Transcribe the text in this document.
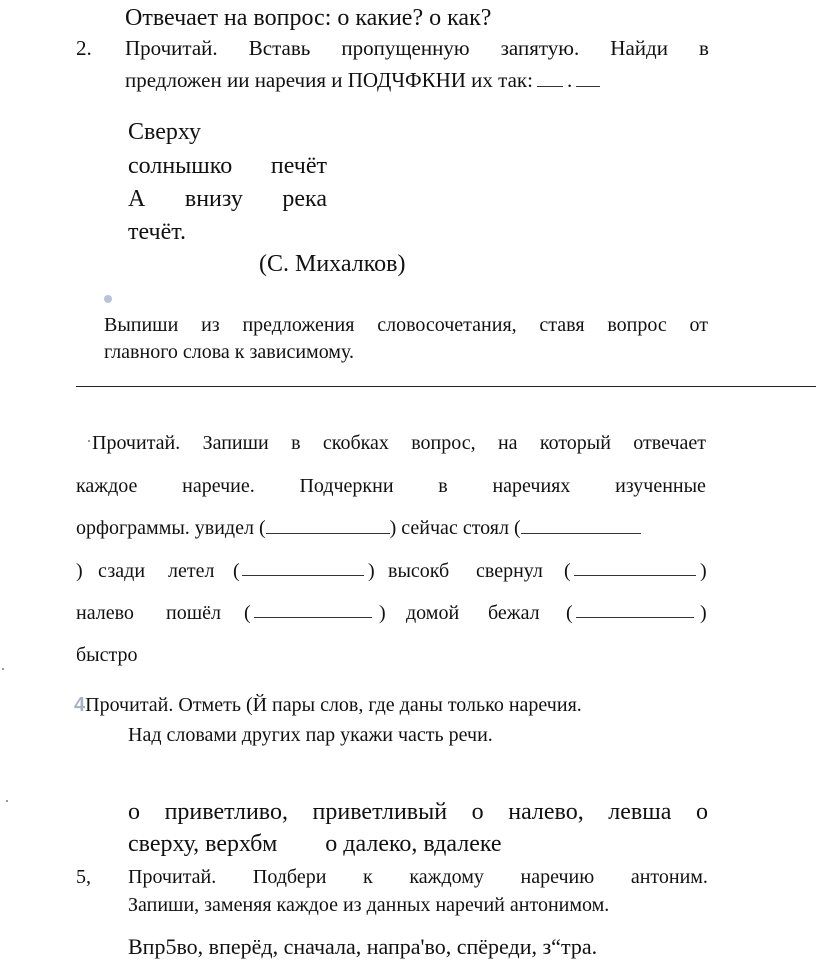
Отвечает на вопрос: о какие? о как?
2. Прочитай. Вставь пропущенную запятую. Найди в
предложен ии наречия и ПОДЧФКНИ их так: .
Сверху
солнышко печёт
А внизу река
течёт.
(С. Михалков)
Выпиши из предложения словосочетания, ставя вопрос от
главного слова к зависимому.
Прочитай. Запиши в скобках вопрос, на который отвечает
каждое наречие. Подчеркни в наречиях изученные
орфограммы. увидел (	) сейчас стоял (
) сзади летел (	) высокб свернул (	)
налево пошёл (	) домой бежал (	)
быстро
4Прочитай. Отметь (Й пары слов, где даны только наречия.
Над словами других пар укажи часть речи.
о приветливо, приветливый о налево, левша о
сверху, верхбм о далеко, вдалеке
5, Прочитай. Подбери к каждому наречию антоним.
Запиши, заменяя каждое из данных наречий антонимом.
Впр5во, вперёд, сначала, напра'во, спёреди, з“тра.
